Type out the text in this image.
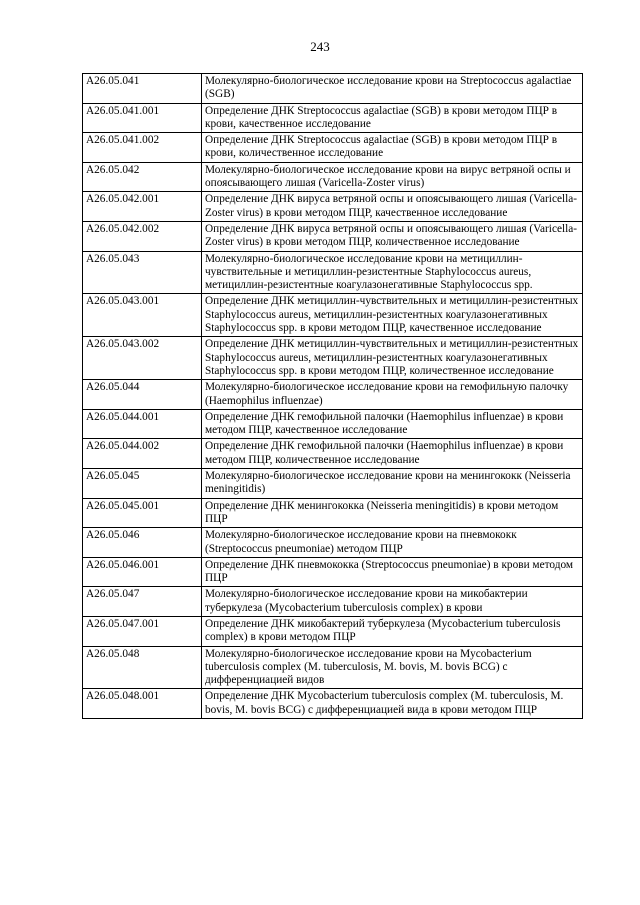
243
A26.05.041	Молекулярно-биологическое исследование крови на Streptococcus agalactiae (SGB)
A26.05.041.001	Определение ДНК Streptococcus agalactiae (SGB) в крови методом ПЦР в крови, качественное исследование
A26.05.041.002	Определение ДНК Streptococcus agalactiae (SGB) в крови методом ПЦР в крови, количественное исследование
A26.05.042	Молекулярно-биологическое исследование крови на вирус ветряной оспы и опоясывающего лишая (Varicella-Zoster virus)
A26.05.042.001	Определение ДНК вируса ветряной оспы и опоясывающего лишая (Varicella-Zoster virus) в крови методом ПЦР, качественное исследование
A26.05.042.002	Определение ДНК вируса ветряной оспы и опоясывающего лишая (Varicella-Zoster virus) в крови методом ПЦР, количественное исследование
A26.05.043	Молекулярно-биологическое исследование крови на метициллин-чувствительные и метициллин-резистентные Staphylococcus aureus, метициллин-резистентные коагулазонегативные Staphylococcus spp.
A26.05.043.001	Определение ДНК метициллин-чувствительных и метициллин-резистентных Staphylococcus aureus, метициллин-резистентных коагулазонегативных Staphylococcus spp. в крови методом ПЦР, качественное исследование
A26.05.043.002	Определение ДНК метициллин-чувствительных и метициллин-резистентных Staphylococcus aureus, метициллин-резистентных коагулазонегативных Staphylococcus spp. в крови методом ПЦР, количественное исследование
A26.05.044	Молекулярно-биологическое исследование крови на гемофильную палочку (Haemophilus influenzae)
A26.05.044.001	Определение ДНК гемофильной палочки (Haemophilus influenzae) в крови методом ПЦР, качественное исследование
A26.05.044.002	Определение ДНК гемофильной палочки (Haemophilus influenzae) в крови методом ПЦР, количественное исследование
A26.05.045	Молекулярно-биологическое исследование крови на менингококк (Neisseria meningitidis)
A26.05.045.001	Определение ДНК менингококка (Neisseria meningitidis) в крови методом ПЦР
A26.05.046	Молекулярно-биологическое исследование крови на пневмококк (Streptococcus pneumoniae) методом ПЦР
A26.05.046.001	Определение ДНК пневмококка (Streptococcus pneumoniae) в крови методом ПЦР
A26.05.047	Молекулярно-биологическое исследование крови на микобактерии туберкулеза (Mycobacterium tuberculosis complex) в крови
A26.05.047.001	Определение ДНК микобактерий туберкулеза (Mycobacterium tuberculosis complex) в крови методом ПЦР
A26.05.048	Молекулярно-биологическое исследование крови на Mycobacterium tuberculosis complex (M. tuberculosis, M. bovis, M. bovis BCG) с дифференциацией видов
A26.05.048.001	Определение ДНК Mycobacterium tuberculosis complex (M. tuberculosis, M. bovis, M. bovis BCG) с дифференциацией вида в крови методом ПЦР
